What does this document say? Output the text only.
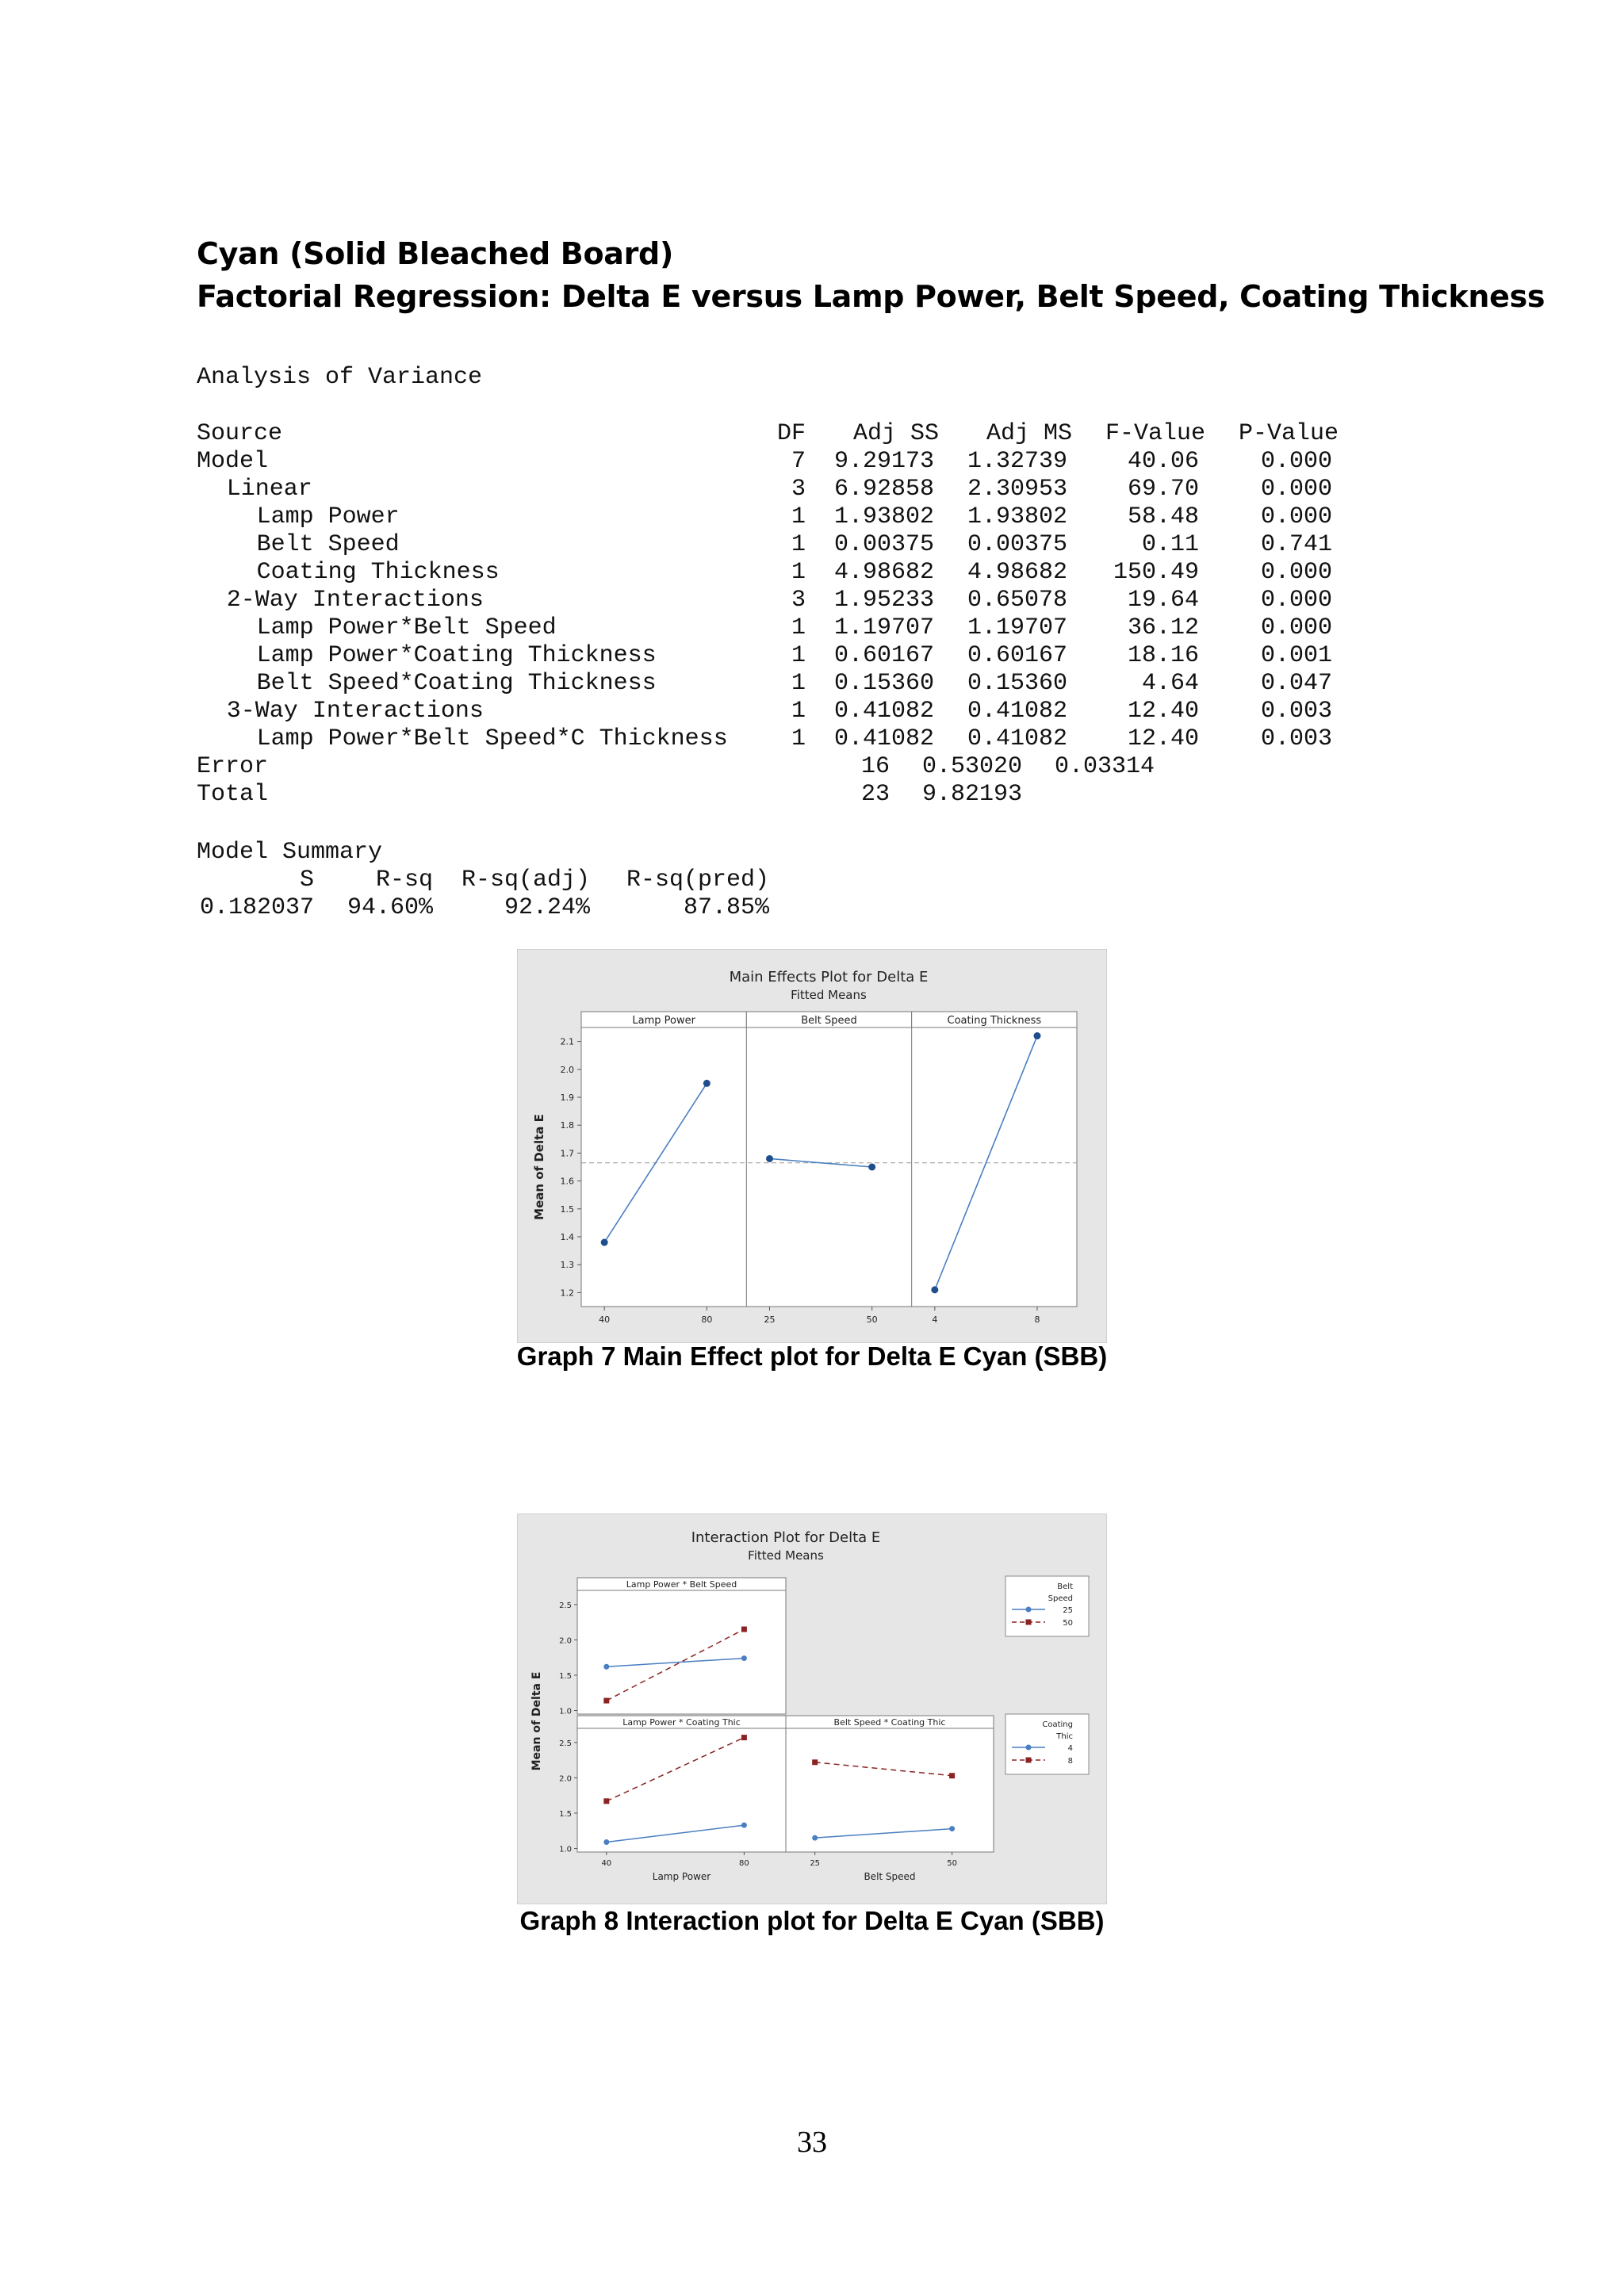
Cyan (Solid Bleached Board)
Factorial Regression: Delta E versus Lamp Power, Belt Speed, Coating Thickness
Analysis of Variance
Source	DF Adj SS Adj MS F-Value P-Value
Model	7 9.29173 1.32739	40.06	0.000
Linear	3 6.92858 2.30953	69.70	0.000
Lamp Power	1 1.93802 1.93802	58.48	0.000
Belt Speed	1 0.00375 0.00375	0.11	0.741
Coating Thickness	1 4.98682 4.98682 150.49	0.000
2-Way Interactions	3 1.95233 0.65078	19.64	0.000
Lamp Power*Belt Speed	1 1.19707 1.19707	36.12	0.000
Lamp Power*Coating Thickness	1 0.60167 0.60167	18.16	0.001
Belt Speed*Coating Thickness	1 0.15360 0.15360	4.64	0.047
3-Way Interactions	1 0.41082 0.41082	12.40	0.003
Lamp Power*Belt Speed*C Thickness	1 0.41082 0.41082	12.40	0.003
Error	16 0.53020 0.03314
Total	23 9.82193
Model Summary
S	R-sq R-sq(adj) R-sq(pred)
0.182037 94.60%	92.24%	87.85%
Main Effects Plot for Delta E
Fitted Means
1.2
1.3
1.4
1.5
1.6
1.7
1.8
1.9
2.0
2.1
Mean of Delta E
Lamp Power
40	80
Belt Speed
25	50
Coating Thickness
4	8
Graph 7 Main Effect plot for Delta E Cyan (SBB)
Interaction Plot for Delta E
Fitted Means
Mean of Delta E
Lamp Power * Belt Speed
1.0
1.5
2.0
2.5
Lamp Power * Coating Thic
1.0
1.5
2.0
2.5
40	80
Lamp Power
Belt Speed * Coating Thic
25	50
Belt Speed
Belt
Speed
25
50
Coating
Thic
4
8
Graph 8 Interaction plot for Delta E Cyan (SBB)
33
